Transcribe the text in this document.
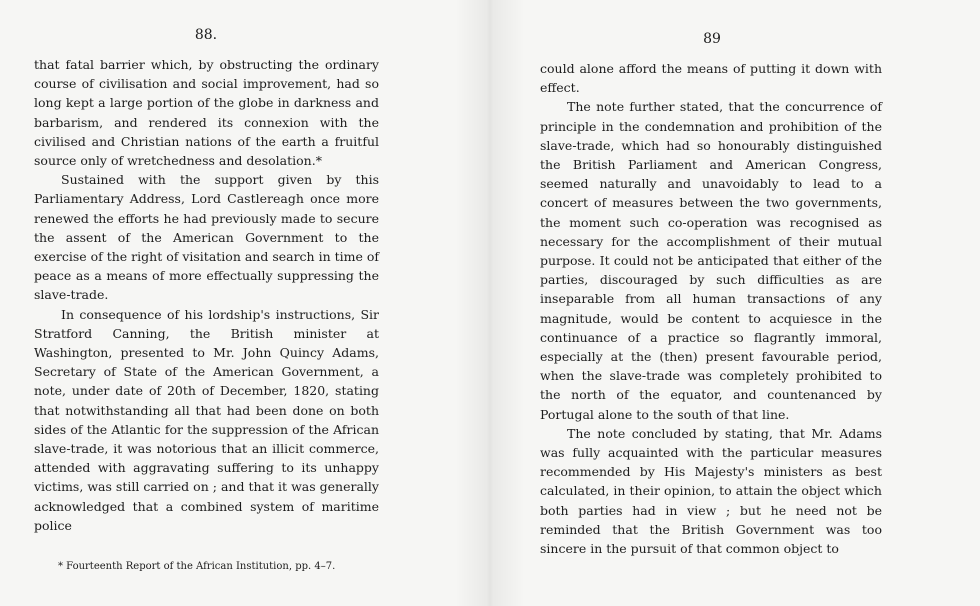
88.

that fatal barrier which, by obstructing the ordinary course of civilisation and social improvement, had so long kept a large portion of the globe in darkness and barbarism, and rendered its connexion with the civilised and Christian nations of the earth a fruitful source only of wretchedness and desolation.*

Sustained with the support given by this Parliamentary Address, Lord Castlereagh once more renewed the efforts he had previously made to secure the assent of the American Government to the exercise of the right of visitation and search in time of peace as a means of more effectually suppressing the slave-trade.

In consequence of his lordship's instructions, Sir Stratford Canning, the British minister at Washington, presented to Mr. John Quincy Adams, Secretary of State of the American Government, a note, under date of 20th of December, 1820, stating that notwithstanding all that had been done on both sides of the Atlantic for the suppression of the African slave-trade, it was notorious that an illicit commerce, attended with aggravating suffering to its unhappy victims, was still carried on ; and that it was generally acknowledged that a combined system of maritime police

* Fourteenth Report of the African Institution, pp. 4–7.
89

could alone afford the means of putting it down with effect.

The note further stated, that the concurrence of principle in the condemnation and prohibition of the slave-trade, which had so honourably distinguished the British Parliament and American Congress, seemed naturally and unavoidably to lead to a concert of measures between the two governments, the moment such co-operation was recognised as necessary for the accomplishment of their mutual purpose. It could not be anticipated that either of the parties, discouraged by such difficulties as are inseparable from all human transactions of any magnitude, would be content to acquiesce in the continuance of a practice so flagrantly immoral, especially at the (then) present favourable period, when the slave-trade was completely prohibited to the north of the equator, and countenanced by Portugal alone to the south of that line.

The note concluded by stating, that Mr. Adams was fully acquainted with the particular measures recommended by His Majesty's ministers as best calculated, in their opinion, to attain the object which both parties had in view ; but he need not be reminded that the British Government was too sincere in the pursuit of that common object to
